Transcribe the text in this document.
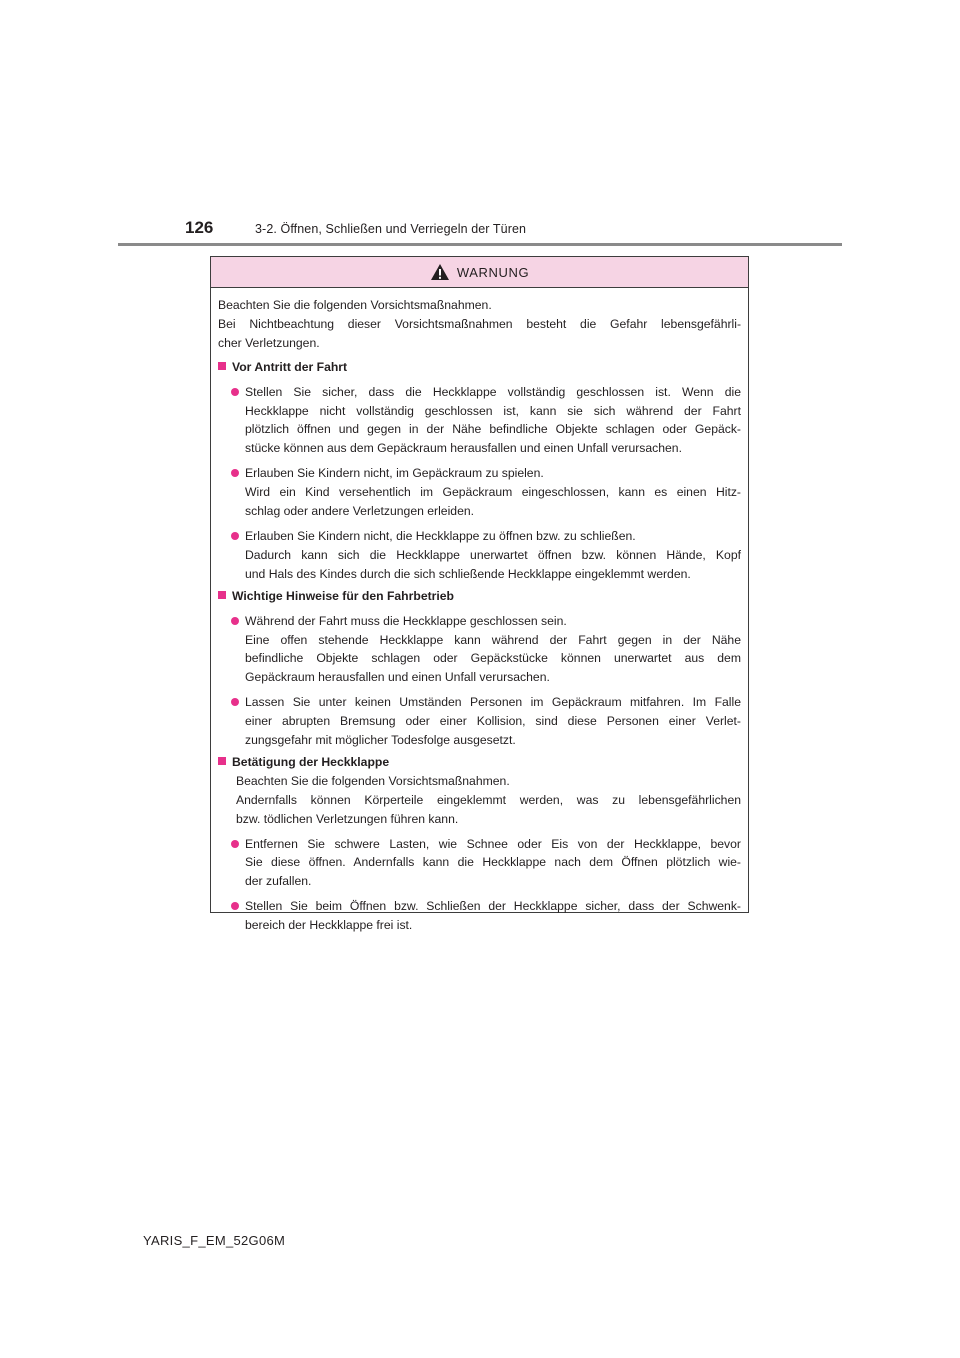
126	3-2. Öffnen, Schließen und Verriegeln der Türen
WARNUNG
Beachten Sie die folgenden Vorsichtsmaßnahmen.
Bei Nichtbeachtung dieser Vorsichtsmaßnahmen besteht die Gefahr lebensgefährli-
cher Verletzungen.
Vor Antritt der Fahrt
Stellen Sie sicher, dass die Heckklappe vollständig geschlossen ist. Wenn die
Heckklappe nicht vollständig geschlossen ist, kann sie sich während der Fahrt
plötzlich öffnen und gegen in der Nähe befindliche Objekte schlagen oder Gepäck-
stücke können aus dem Gepäckraum herausfallen und einen Unfall verursachen.
Erlauben Sie Kindern nicht, im Gepäckraum zu spielen.
Wird ein Kind versehentlich im Gepäckraum eingeschlossen, kann es einen Hitz-
schlag oder andere Verletzungen erleiden.
Erlauben Sie Kindern nicht, die Heckklappe zu öffnen bzw. zu schließen.
Dadurch kann sich die Heckklappe unerwartet öffnen bzw. können Hände, Kopf
und Hals des Kindes durch die sich schließende Heckklappe eingeklemmt werden.
Wichtige Hinweise für den Fahrbetrieb
Während der Fahrt muss die Heckklappe geschlossen sein.
Eine offen stehende Heckklappe kann während der Fahrt gegen in der Nähe
befindliche Objekte schlagen oder Gepäckstücke können unerwartet aus dem
Gepäckraum herausfallen und einen Unfall verursachen.
Lassen Sie unter keinen Umständen Personen im Gepäckraum mitfahren. Im Falle
einer abrupten Bremsung oder einer Kollision, sind diese Personen einer Verlet-
zungsgefahr mit möglicher Todesfolge ausgesetzt.
Betätigung der Heckklappe
Beachten Sie die folgenden Vorsichtsmaßnahmen.
Andernfalls können Körperteile eingeklemmt werden, was zu lebensgefährlichen
bzw. tödlichen Verletzungen führen kann.
Entfernen Sie schwere Lasten, wie Schnee oder Eis von der Heckklappe, bevor
Sie diese öffnen. Andernfalls kann die Heckklappe nach dem Öffnen plötzlich wie-
der zufallen.
Stellen Sie beim Öffnen bzw. Schließen der Heckklappe sicher, dass der Schwenk-
bereich der Heckklappe frei ist.
YARIS_F_EM_52G06M
